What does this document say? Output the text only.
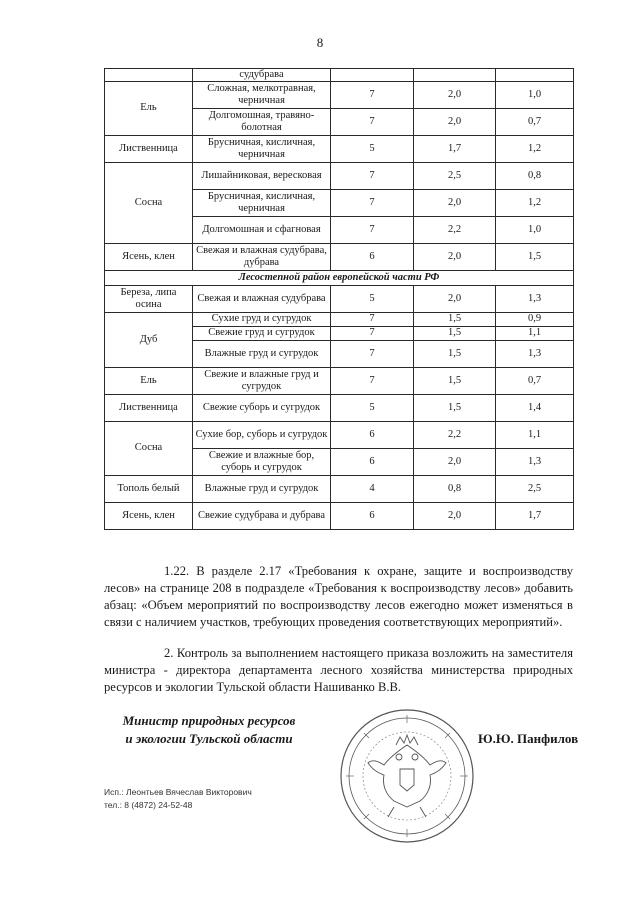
8
	судубрава			
Ель	Сложная, мелкотравная, черничная	7	2,0	1,0
	Долгомошная, травяно-болотная	7	2,0	0,7
Лиственница	Брусничная, кисличная, черничная	5	1,7	1,2
Сосна	Лишайниковая, вересковая	7	2,5	0,8
	Брусничная, кисличная, черничная	7	2,0	1,2
	Долгомошная и сфагновая	7	2,2	1,0
Ясень, клен	Свежая и влажная судубрава, дубрава	6	2,0	1,5
Лесостепной район европейской части РФ				
Береза, липа осина	Свежая и влажная судубрава	5	2,0	1,3
Дуб	Сухие груд и сугрудок	7	1,5	0,9
	Свежие груд и сугрудок	7	1,5	1,1
	Влажные груд и сугрудок	7	1,5	1,3
Ель	Свежие и влажные груд и сугрудок	7	1,5	0,7
Лиственница	Свежие суборь и сугрудок	5	1,5	1,4
Сосна	Сухие бор, суборь и сугрудок	6	2,2	1,1
	Свежие и влажные бор, суборь и сугрудок	6	2,0	1,3
Тополь белый	Влажные груд и сугрудок	4	0,8	2,5
Ясень, клен	Свежие судубрава и дубрава	6	2,0	1,7

1.22. В разделе 2.17 «Требования к охране, защите и воспроизводству лесов» на странице 208 в подразделе «Требования к воспроизводству лесов» добавить абзац: «Объем мероприятий по воспроизводству лесов ежегодно может изменяться в связи с наличием участков, требующих проведения соответствующих мероприятий».

2. Контроль за выполнением настоящего приказа возложить на заместителя министра - директора департамента лесного хозяйства министерства природных ресурсов и экологии Тульской области Нашиванко В.В.

Министр природных ресурсов
и экологии Тульской области	Ю.Ю. Панфилов
Исп.: Леонтьев Вячеслав Викторович
тел.: 8 (4872) 24-52-48
